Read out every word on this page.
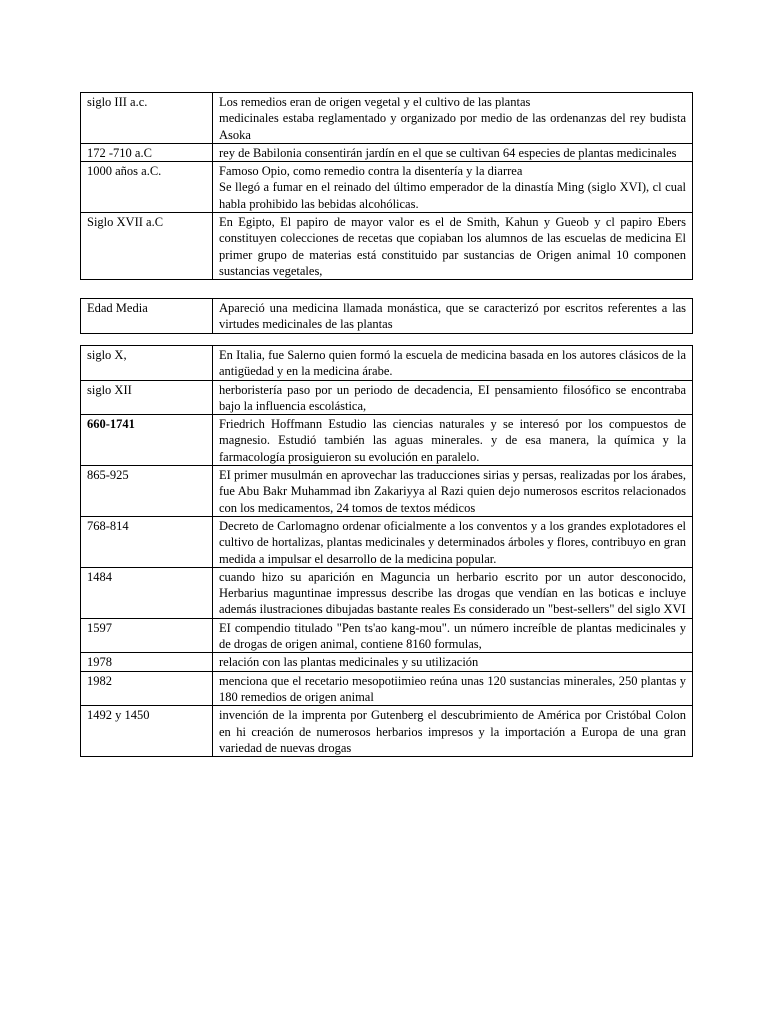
siglo III a.c.	Los remedios eran de origen vegetal y el cultivo de las plantas
medicinales estaba reglamentado y organizado por medio de las ordenanzas del rey budista Asoka
172 -710 a.C	rey de Babilonia consentirán jardín en el que se cultivan 64 especies de plantas medicinales
1000 años a.C.	Famoso Opio, como remedio contra la disentería y la diarrea
Se llegó a fumar en el reinado del último emperador de la dinastía Ming (siglo XVI), cl cual habla prohibido las bebidas alcohólicas.
Siglo XVII a.C	En Egipto, El papiro de mayor valor es el de Smith, Kahun y Gueob y cl papiro Ebers constituyen colecciones de recetas que copiaban los alumnos de las escuelas de medicina El primer grupo de materias está constituido par sustancias de Origen animal 10 componen sustancias vegetales,
Edad Media	Apareció una medicina llamada monástica, que se caracterizó por escritos referentes a las virtudes medicinales de las plantas
siglo X,	En Italia, fue Salerno quien formó la escuela de medicina basada en los autores clásicos de la antigüedad y en la medicina árabe.
siglo XII	herboristería paso por un periodo de decadencia, EI pensamiento filosófico se encontraba bajo la influencia escolástica,
660-1741	Friedrich Hoffmann Estudio las ciencias naturales y se interesó por los compuestos de magnesio. Estudió también las aguas minerales. y de esa manera, la química y la farmacología prosiguieron su evolución en paralelo.
865-925	EI primer musulmán en aprovechar las traducciones sirias y persas, realizadas por los árabes, fue Abu Bakr Muhammad ibn Zakariyya al Razi quien dejo numerosos escritos relacionados con los medicamentos, 24 tomos de textos médicos
768-814	Decreto de Carlomagno ordenar oficialmente a los conventos y a los grandes explotadores el cultivo de hortalizas, plantas medicinales y determinados árboles y flores, contribuyo en gran medida a impulsar el desarrollo de la medicina popular.
1484	cuando hizo su aparición en Maguncia un herbario escrito por un autor desconocido, Herbarius maguntinae impressus describe las drogas que vendían en las boticas e incluye además ilustraciones dibujadas bastante reales Es considerado un "best-sellers" del siglo XVI
1597	EI compendio titulado "Pen ts'ao kang-mou". un número increíble de plantas medicinales y de drogas de origen animal, contiene 8160 formulas,
1978	relación con las plantas medicinales y su utilización
1982	menciona que el recetario mesopotiimieo reúna unas 120 sustancias minerales, 250 plantas y 180 remedios de origen animal
1492 y 1450	invención de la imprenta por Gutenberg el descubrimiento de América por Cristóbal Colon en hi creación de numerosos herbarios impresos y la importación a Europa de una gran variedad de nuevas drogas
